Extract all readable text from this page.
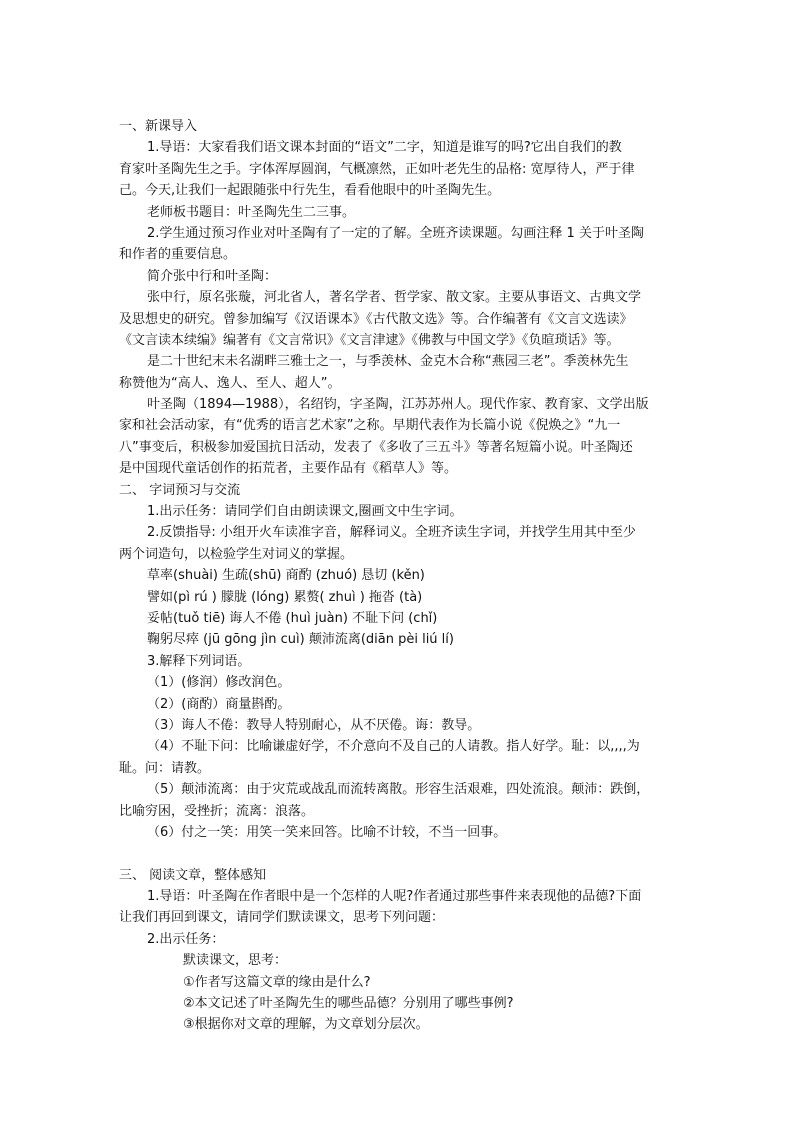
一、新课导入
1.导语：大家看我们语文课本封面的“语文”二字，知道是谁写的吗?它出自我们的教
育家叶圣陶先生之手。字体浑厚圆润，气概凛然，正如叶老先生的品格: 宽厚待人，严于律
己。今天,让我们一起跟随张中行先生，看看他眼中的叶圣陶先生。
老师板书题目：叶圣陶先生二三事。
2.学生通过预习作业对叶圣陶有了一定的了解。全班齐读课题。勾画注释 1 关于叶圣陶
和作者的重要信息。
简介张中行和叶圣陶：
张中行，原名张璇，河北省人，著名学者、哲学家、散文家。主要从事语文、古典文学
及思想史的研究。曾参加编写《汉语课本》《古代散文选》等。合作编著有《文言文选读》
《文言读本续编》编著有《文言常识》《文言津逮》《佛教与中国文学》《负暄琐话》等。
是二十世纪末未名湖畔三雅士之一，与季羡林、金克木合称“燕园三老”。季羡林先生
称赞他为“高人、逸人、至人、超人”。
叶圣陶（1894—1988），名绍钧，字圣陶，江苏苏州人。现代作家、教育家、文学出版
家和社会活动家，有“优秀的语言艺术家”之称。早期代表作为长篇小说《倪焕之》“九一
八”事变后，积极参加爱国抗日活动，发表了《多收了三五斗》等著名短篇小说。叶圣陶还
是中国现代童话创作的拓荒者，主要作品有《稻草人》等。
二、 字词预习与交流
1.出示任务：请同学们自由朗读课文,圈画文中生字词。
2.反馈指导: 小组开火车读准字音，解释词义。全班齐读生字词，并找学生用其中至少
两个词造句，以检验学生对词义的掌握。
草率(shuài) 生疏(shū) 商酌 (zhuó) 恳切 (kěn)
譬如(pì rú ) 朦胧 (lóng) 累赘( zhuì ) 拖沓 (tà)
妥帖(tuǒ tiē) 诲人不倦 (huì juàn) 不耻下问 (chǐ)
鞠躬尽瘁 (jū gōng jìn cuì) 颠沛流离(diān pèi liú lí)
3.解释下列词语。
（1）(修润）修改润色。
（2）(商酌）商量斟酌。
（3）诲人不倦：教导人特别耐心，从不厌倦。诲：教导。
（4）不耻下问：比喻谦虚好学，不介意向不及自己的人请教。指人好学。耻：以,,,,为
耻。问：请教。
（5）颠沛流离：由于灾荒或战乱而流转离散。形容生活艰难，四处流浪。颠沛：跌倒，
比喻穷困，受挫折；流离：浪落。
（6）付之一笑：用笑一笑来回答。比喻不计较，不当一回事。
三、 阅读文章，整体感知
1.导语：叶圣陶在作者眼中是一个怎样的人呢?作者通过那些事件来表现他的品德?下面
让我们再回到课文，请同学们默读课文，思考下列问题：
2.出示任务：
默读课文，思考：
①作者写这篇文章的缘由是什么?
②本文记述了叶圣陶先生的哪些品德？分别用了哪些事例?
③根据你对文章的理解，为文章划分层次。
